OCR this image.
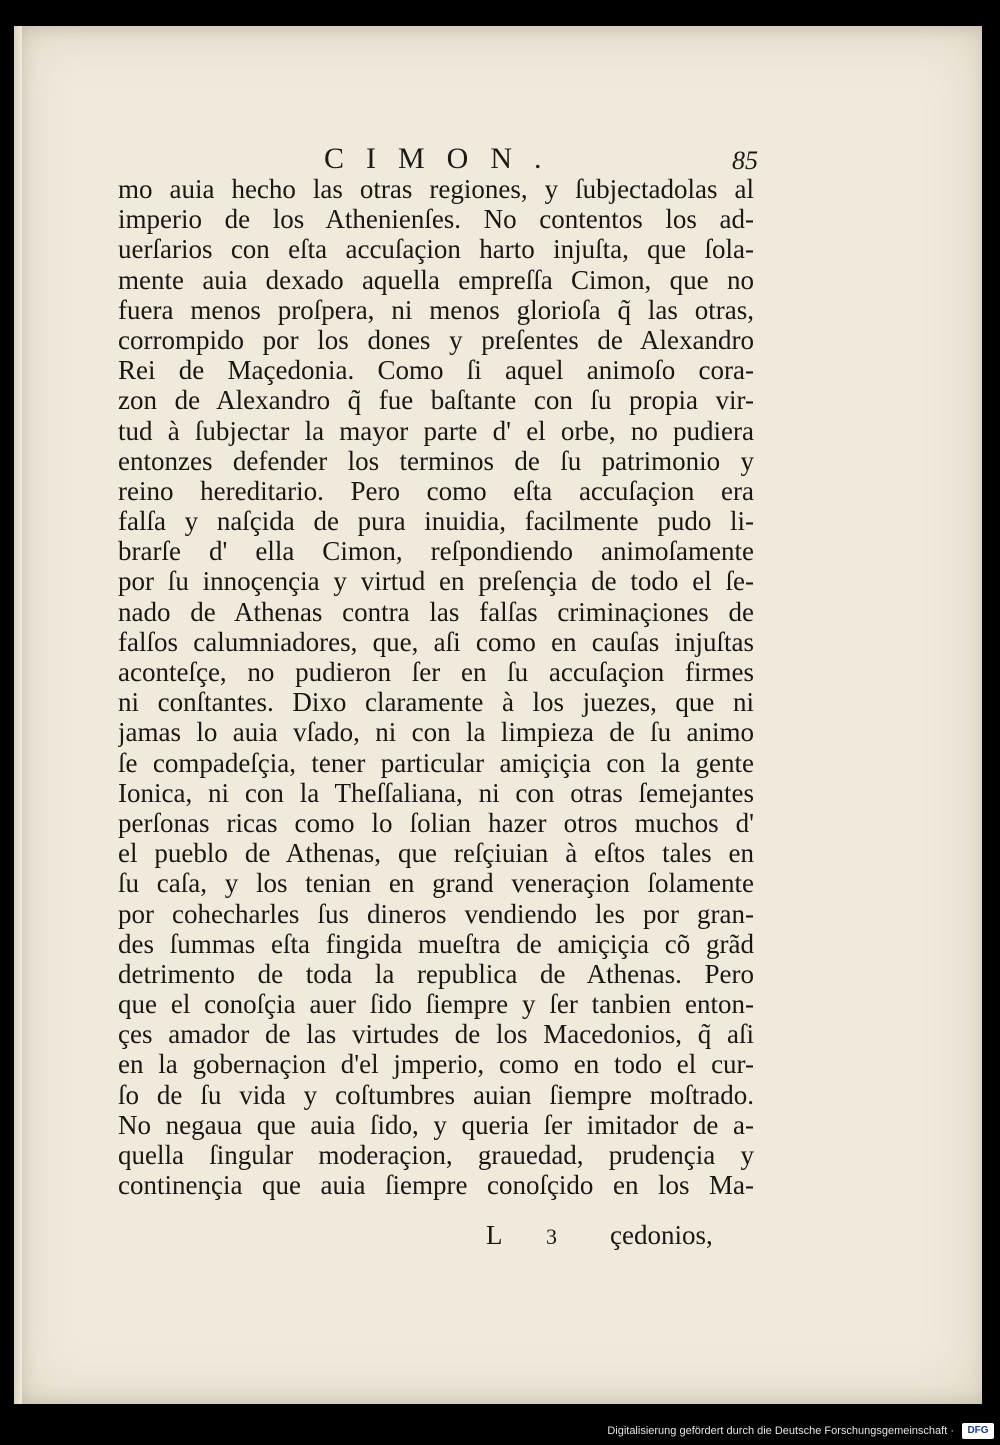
CIMON.	85
mo auia hecho las otras regiones, y ſubjectadolas al
imperio de los Athenienſes. No contentos los ad-
uerſarios con eſta accuſaçion harto injuſta, que ſola-
mente auia dexado aquella empreſſa Cimon, que no
fuera menos proſpera, ni menos glorioſa q̃ las otras,
corrompido por los dones y preſentes de Alexandro
Rei de Maçedonia. Como ſi aquel animoſo cora-
zon de Alexandro q̃ fue baſtante con ſu propia vir-
tud à ſubjectar la mayor parte d' el orbe, no pudiera
entonzes defender los terminos de ſu patrimonio y
reino hereditario. Pero como eſta accuſaçion era
falſa y naſçida de pura inuidia, facilmente pudo li-
brarſe d' ella Cimon, reſpondiendo animoſamente
por ſu innoçençia y virtud en preſençia de todo el ſe-
nado de Athenas contra las falſas criminaçiones de
falſos calumniadores, que, aſi como en cauſas injuſtas
aconteſçe, no pudieron ſer en ſu accuſaçion firmes
ni conſtantes. Dixo claramente à los juezes, que ni
jamas lo auia vſado, ni con la limpieza de ſu animo
ſe compadeſçia, tener particular amiçiçia con la gente
Ionica, ni con la Theſſaliana, ni con otras ſemejantes
perſonas ricas como lo ſolian hazer otros muchos d'
el pueblo de Athenas, que reſçiuian à eſtos tales en
ſu caſa, y los tenian en grand veneraçion ſolamente
por cohecharles ſus dineros vendiendo les por gran-
des ſummas eſta fingida mueſtra de amiçiçia cõ grãd
detrimento de toda la republica de Athenas. Pero
que el conoſçia auer ſido ſiempre y ſer tanbien enton-
çes amador de las virtudes de los Macedonios, q̃ aſi
en la gobernaçion d'el jmperio, como en todo el cur-
ſo de ſu vida y coſtumbres auian ſiempre moſtrado.
No negaua que auia ſido, y queria ſer imitador de a-
quella ſingular moderaçion, grauedad, prudençia y
continençia que auia ſiempre conoſçido en los Ma-
L 3 çedonios,
Digitalisierung gefördert durch die Deutsche Forschungsgemeinschaft ·	DFG
